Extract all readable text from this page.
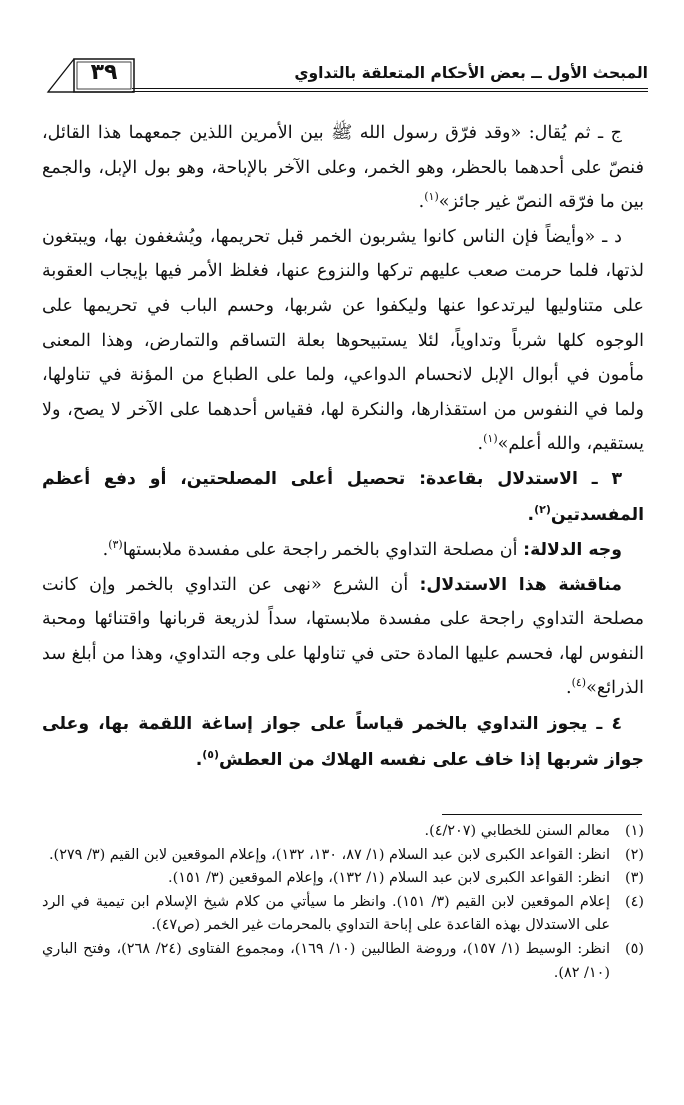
٣٩	المبحث الأول ــ بعض الأحكام المتعلقة بالتداوي

ج ـ ثم يُقال: «وقد فرّق رسول الله ﷺ بين الأمرين اللذين جمعهما هذا القائل، فنصّ على أحدهما بالحظر، وهو الخمر، وعلى الآخر بالإباحة، وهو بول الإبل، والجمع بين ما فرّقه النصّ غير جائز»$^{(١)}$.

د ـ «وأيضاً فإن الناس كانوا يشربون الخمر قبل تحريمها، ويُشغفون بها، ويبتغون لذتها، فلما حرمت صعب عليهم تركها والنزوع عنها، فغلظ الأمر فيها بإيجاب العقوبة على متناوليها ليرتدعوا عنها وليكفوا عن شربها، وحسم الباب في تحريمها على الوجوه كلها شرباً وتداوياً، لئلا يستبيحوها بعلة التساقم والتمارض، وهذا المعنى مأمون في أبوال الإبل لانحسام الدواعي، ولما على الطباع من المؤنة في تناولها، ولما في النفوس من استقذارها، والنكرة لها، فقياس أحدهما على الآخر لا يصح، ولا يستقيم، والله أعلم»$^{(١)}$.

٣ ـ الاستدلال بقاعدة: تحصيل أعلى المصلحتين، أو دفع أعظم المفسدتين$^{(٢)}$.

وجه الدلالة: أن مصلحة التداوي بالخمر راجحة على مفسدة ملابستها$^{(٣)}$.

مناقشة هذا الاستدلال: أن الشرع «نهى عن التداوي بالخمر وإن كانت مصلحة التداوي راجحة على مفسدة ملابستها، سداً لذريعة قربانها واقتنائها ومحبة النفوس لها، فحسم عليها المادة حتى في تناولها على وجه التداوي، وهذا من أبلغ سد الذرائع»$^{(٤)}$.

٤ ـ يجوز التداوي بالخمر قياساً على جواز إساغة اللقمة بها، وعلى جواز شربها إذا خاف على نفسه الهلاك من العطش$^{(٥)}$.

(١)
معالم السنن للخطابي (٤/٢٠٧).
(٢)
انظر: القواعد الكبرى لابن عبد السلام (١/ ٨٧، ١٣٠، ١٣٢)، وإعلام الموقعين لابن القيم (٣/ ٢٧٩).
(٣)
انظر: القواعد الكبرى لابن عبد السلام (١/ ١٣٢)، وإعلام الموقعين (٣/ ١٥١).
(٤)
إعلام الموقعين لابن القيم (٣/ ١٥١). وانظر ما سيأتي من كلام شيخ الإسلام ابن تيمية في الرد على الاستدلال بهذه القاعدة على إباحة التداوي بالمحرمات غير الخمر (ص٤٧).
(٥)
انظر: الوسيط (١/ ١٥٧)، وروضة الطالبين (١٠/ ١٦٩)، ومجموع الفتاوى (٢٤/ ٢٦٨)، وفتح الباري (١٠/ ٨٢).
